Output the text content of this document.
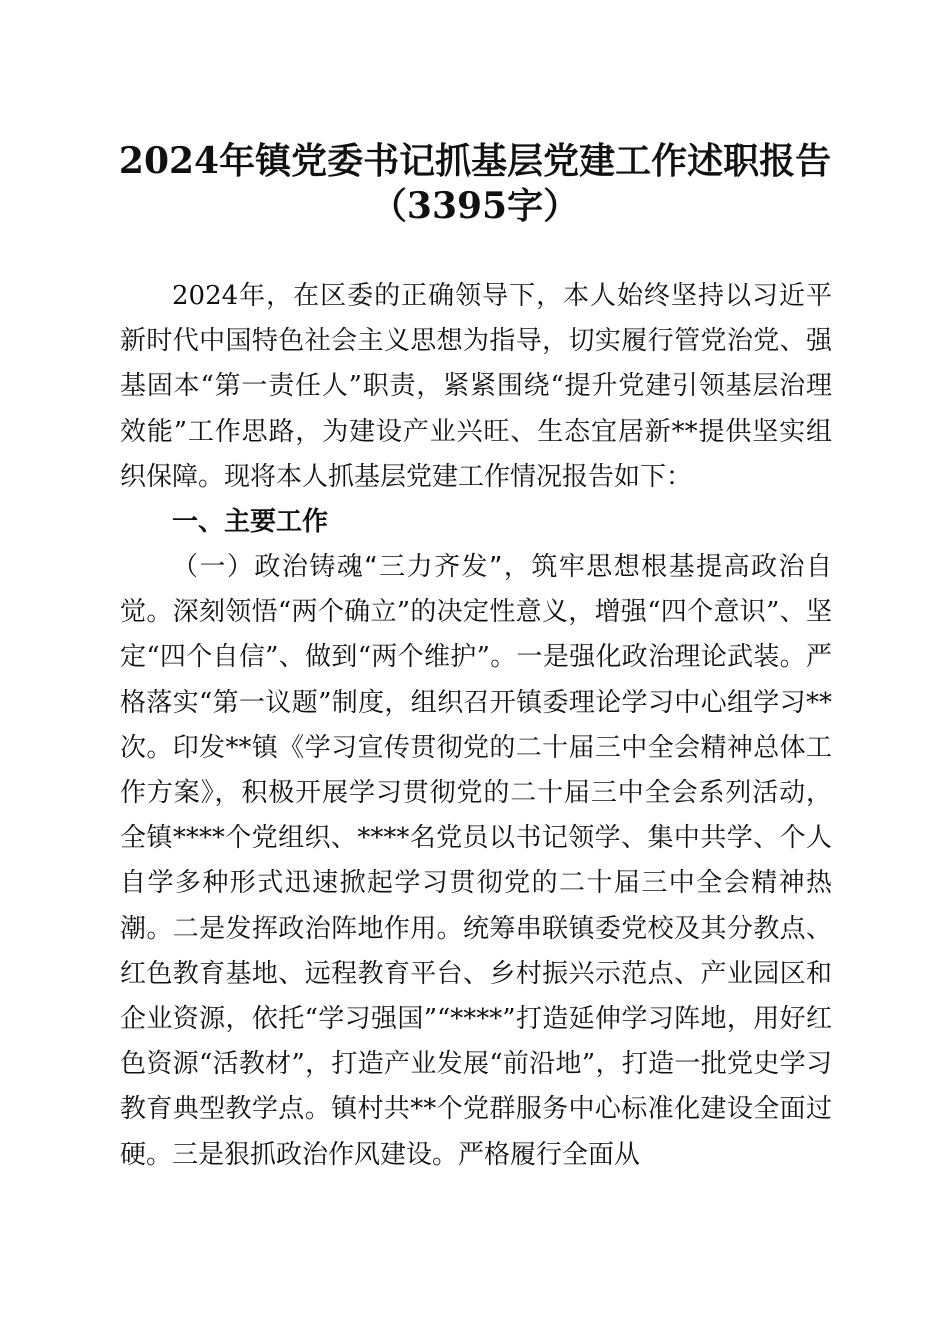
2024年镇党委书记抓基层党建工作述职报告
（3395字）

2024年，在区委的正确领导下，本人始终坚持以习近平新时代中国特色社会主义思想为指导，切实履行管党治党、强基固本“第一责任人”职责，紧紧围绕“提升党建引领基层治理效能”工作思路，为建设产业兴旺、生态宜居新**提供坚实组织保障。现将本人抓基层党建工作情况报告如下：

一、主要工作

（一）政治铸魂“三力齐发”，筑牢思想根基提高政治自觉。深刻领悟“两个确立”的决定性意义，增强“四个意识”、坚定“四个自信”、做到“两个维护”。一是强化政治理论武装。严格落实“第一议题”制度，组织召开镇委理论学习中心组学习**次。印发**镇《学习宣传贯彻党的二十届三中全会精神总体工作方案》，积极开展学习贯彻党的二十届三中全会系列活动，全镇****个党组织、****名党员以书记领学、集中共学、个人自学多种形式迅速掀起学习贯彻党的二十届三中全会精神热潮。二是发挥政治阵地作用。统筹串联镇委党校及其分教点、红色教育基地、远程教育平台、乡村振兴示范点、产业园区和企业资源，依托“学习强国”“****”打造延伸学习阵地，用好红色资源“活教材”，打造产业发展“前沿地”，打造一批党史学习教育典型教学点。镇村共**个党群服务中心标准化建设全面过硬。三是狠抓政治作风建设。严格履行全面从
